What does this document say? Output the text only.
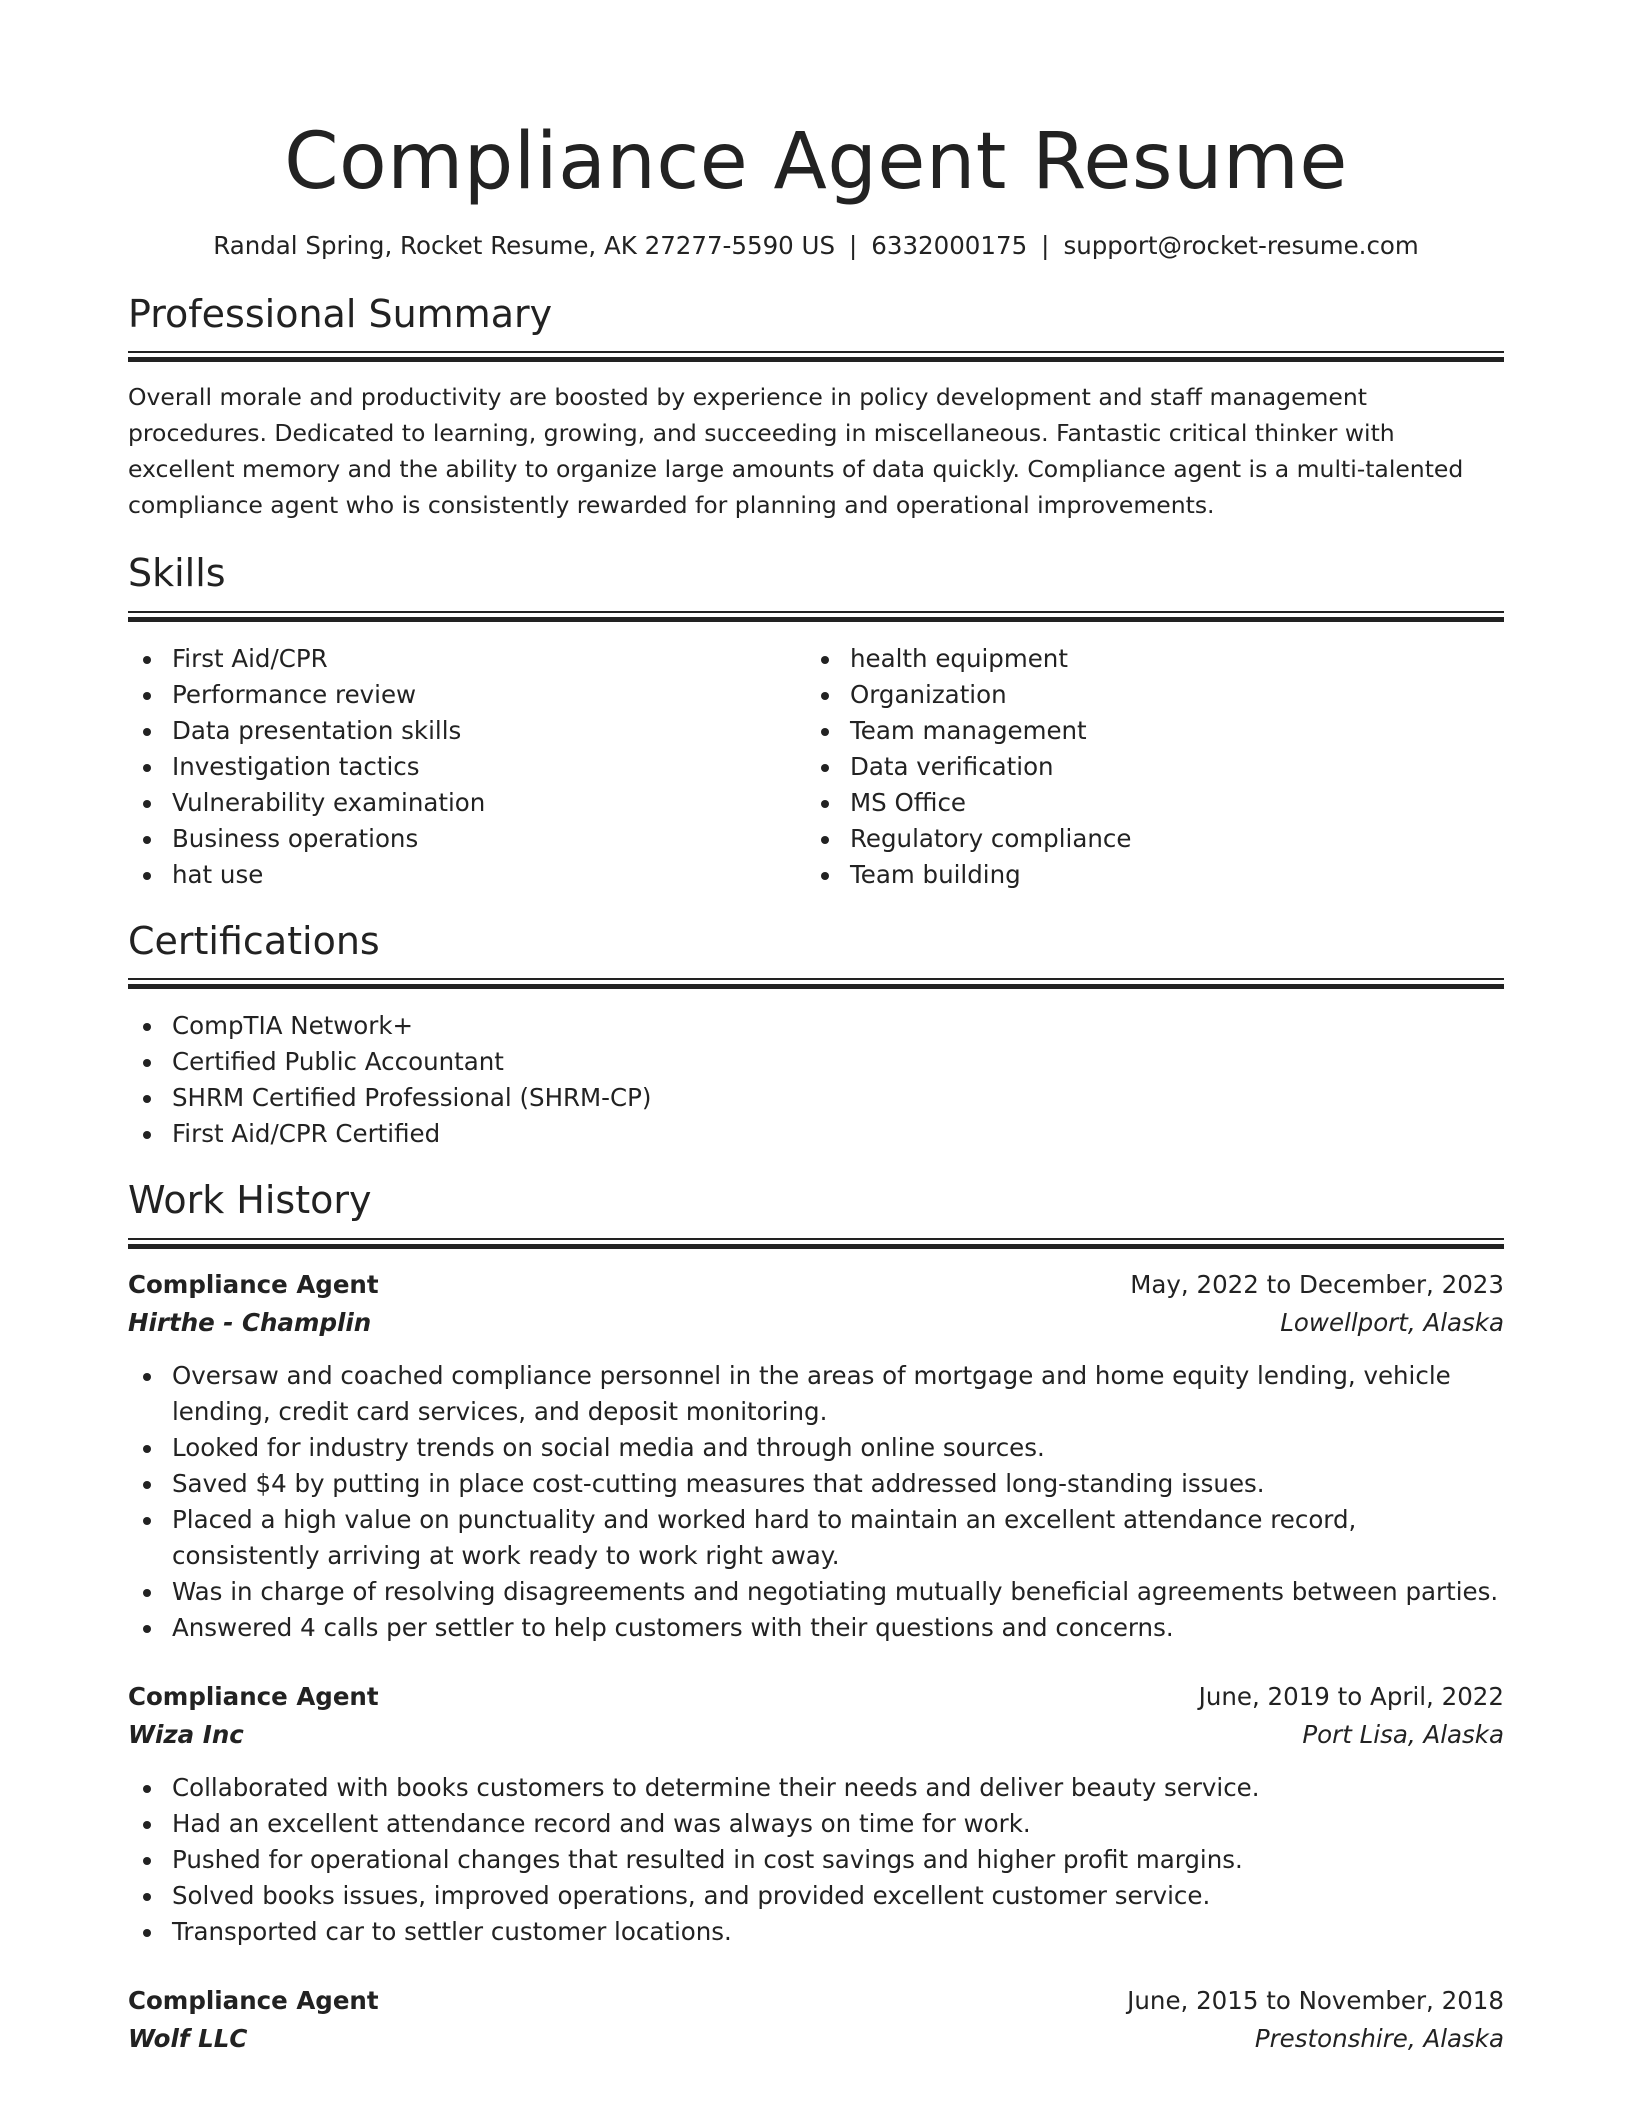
Compliance Agent Resume
Randal Spring, Rocket Resume, AK 27277-5590 US | 6332000175 | support@rocket-resume.com
Professional Summary

Overall morale and productivity are boosted by experience in policy development and staff management procedures. Dedicated to learning, growing, and succeeding in miscellaneous. Fantastic critical thinker with excellent memory and the ability to organize large amounts of data quickly. Compliance agent is a multi-talented compliance agent who is consistently rewarded for planning and operational improvements.

Skills
First Aid/CPR
Performance review
Data presentation skills
Investigation tactics
Vulnerability examination
Business operations
hat use
health equipment
Organization
Team management
Data verification
MS Office
Regulatory compliance
Team building
Certifications
CompTIA Network+
Certified Public Accountant
SHRM Certified Professional (SHRM-CP)
First Aid/CPR Certified
Work History
Compliance Agent	May, 2022 to December, 2023
Hirthe - Champlin	Lowellport, Alaska
Oversaw and coached compliance personnel in the areas of mortgage and home equity lending, vehicle lending, credit card services, and deposit monitoring.
Looked for industry trends on social media and through online sources.
Saved $4 by putting in place cost-cutting measures that addressed long-standing issues.
Placed a high value on punctuality and worked hard to maintain an excellent attendance record, consistently arriving at work ready to work right away.
Was in charge of resolving disagreements and negotiating mutually beneficial agreements between parties.
Answered 4 calls per settler to help customers with their questions and concerns.
Compliance Agent	June, 2019 to April, 2022
Wiza Inc	Port Lisa, Alaska
Collaborated with books customers to determine their needs and deliver beauty service.
Had an excellent attendance record and was always on time for work.
Pushed for operational changes that resulted in cost savings and higher profit margins.
Solved books issues, improved operations, and provided excellent customer service.
Transported car to settler customer locations.
Compliance Agent	June, 2015 to November, 2018
Wolf LLC	Prestonshire, Alaska
